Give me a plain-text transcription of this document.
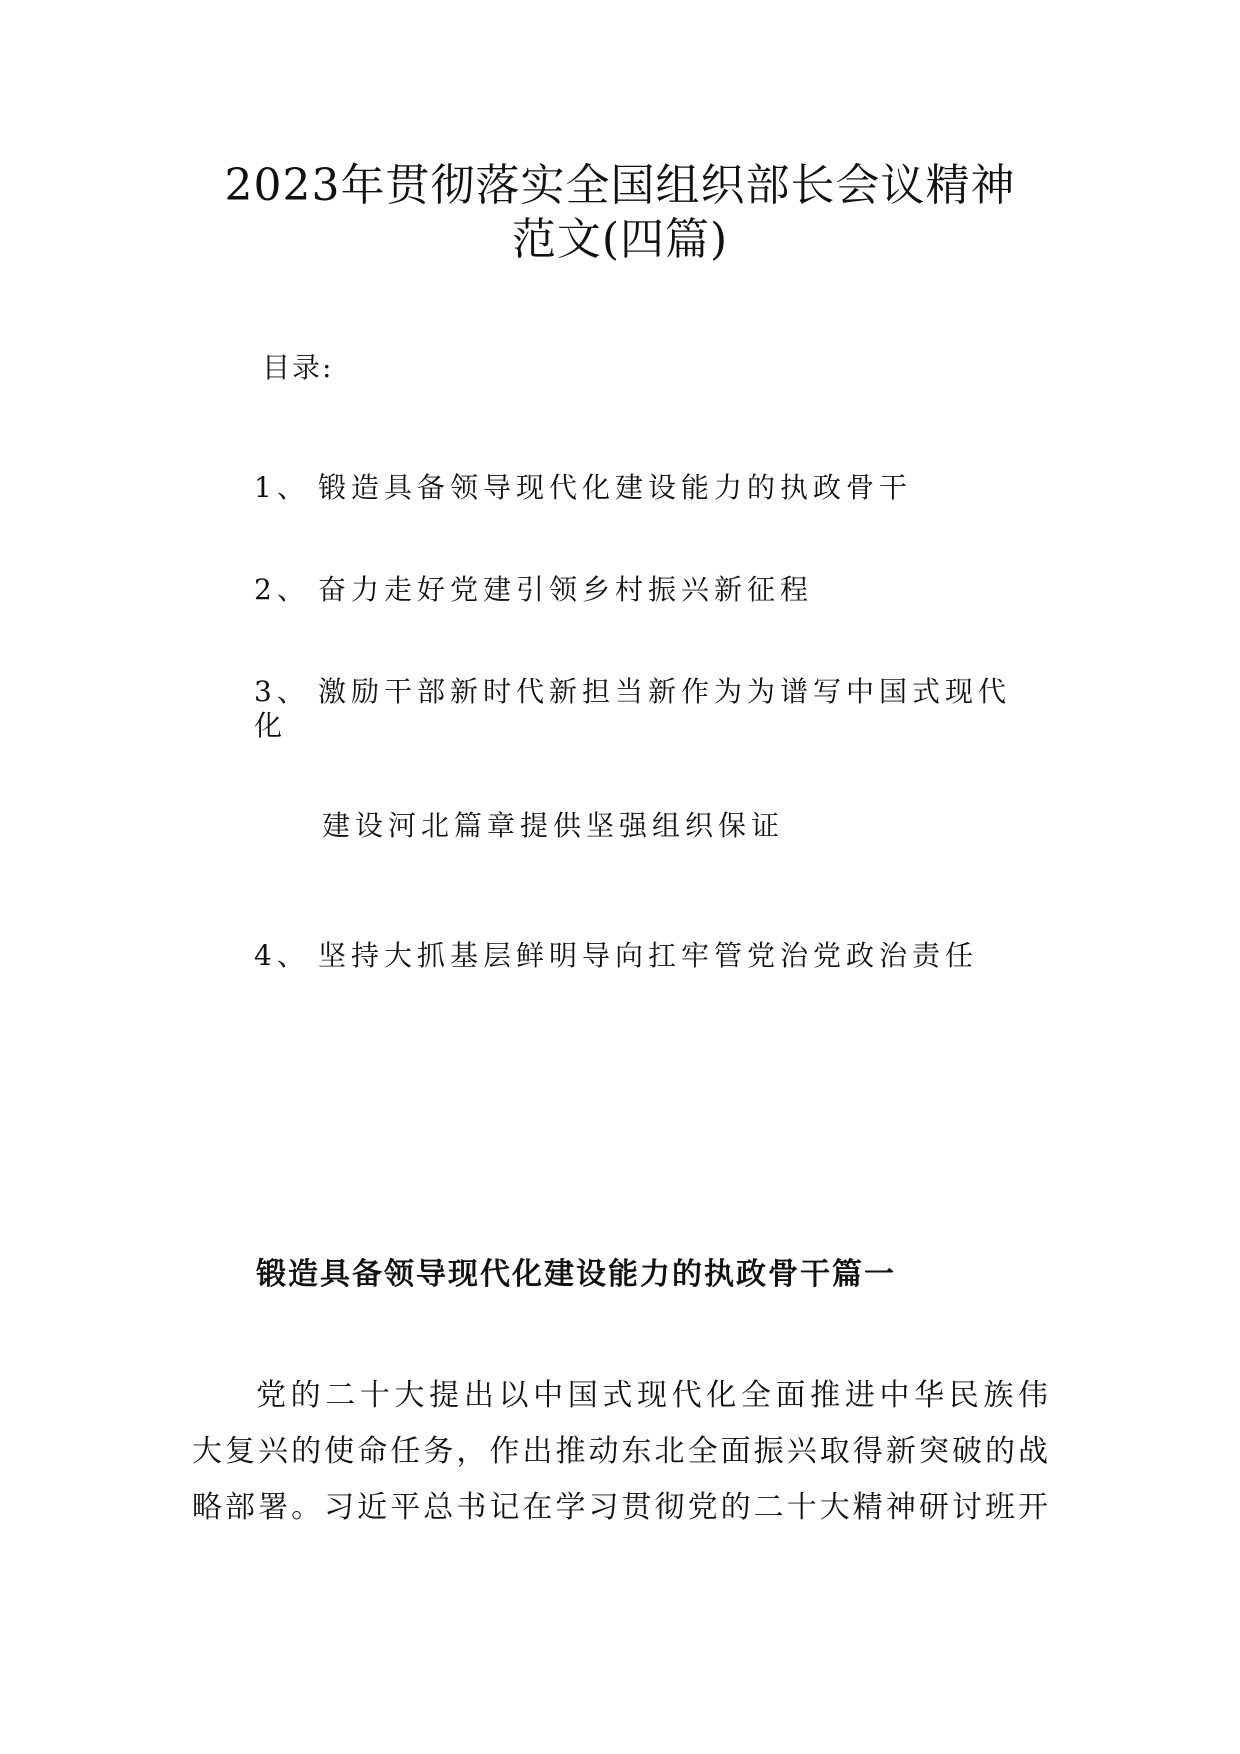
2023年贯彻落实全国组织部长会议精神
范文(四篇)
目录:
1、 锻造具备领导现代化建设能力的执政骨干
2、 奋力走好党建引领乡村振兴新征程
3、 激励干部新时代新担当新作为为谱写中国式现代
化
建设河北篇章提供坚强组织保证
4、 坚持大抓基层鲜明导向扛牢管党治党政治责任
锻造具备领导现代化建设能力的执政骨干篇一
党的二十大提出以中国式现代化全面推进中华民族伟
大复兴的使命任务，作出推动东北全面振兴取得新突破的战
略部署。习近平总书记在学习贯彻党的二十大精神研讨班开
